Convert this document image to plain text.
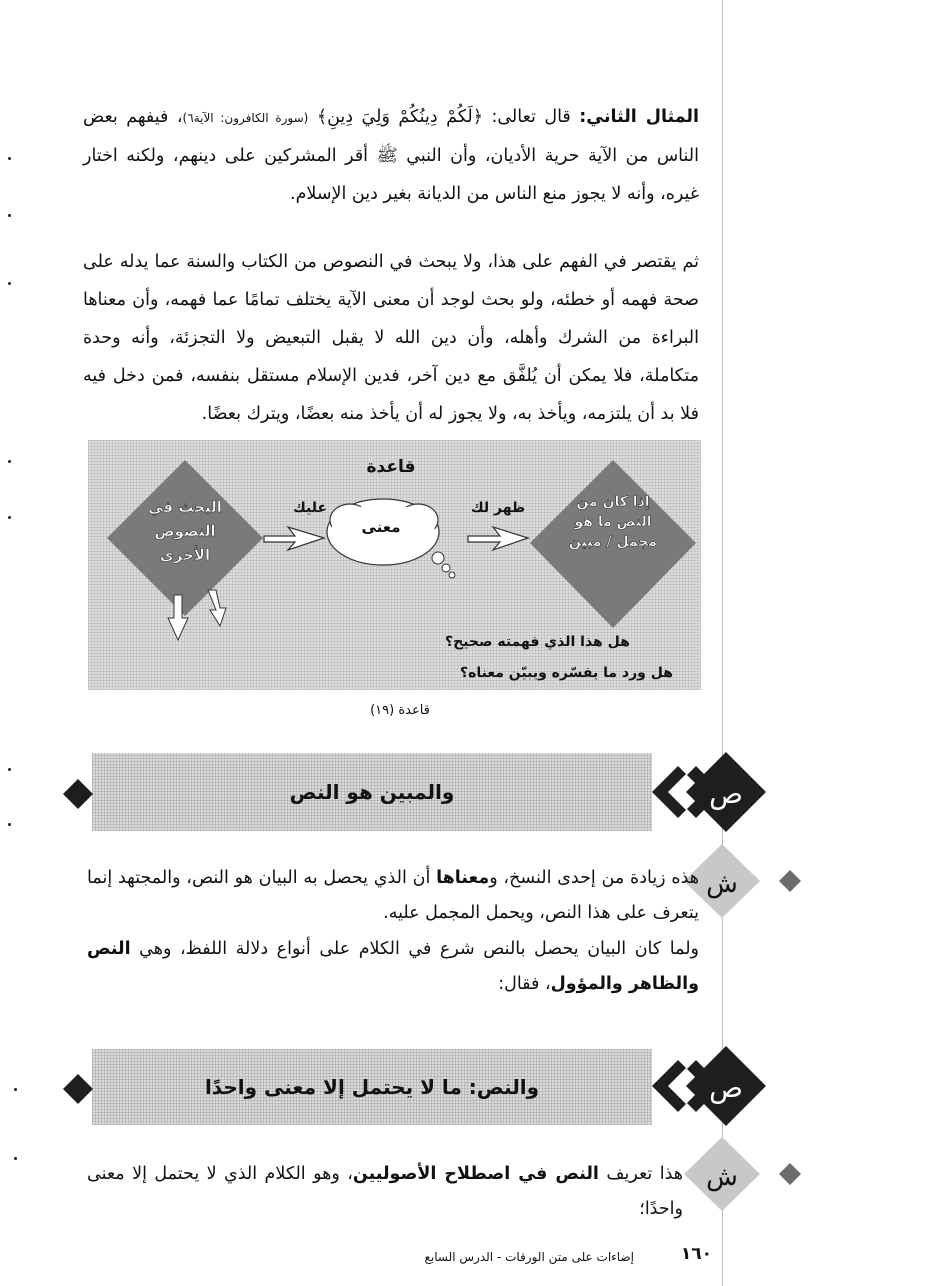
المثال الثاني: قال تعالى: ﴿لَكُمْ دِينُكُمْ وَلِيَ دِينِ﴾ (سورة الكافرون: الآية٦)، فيفهم بعض الناس من الآية حرية الأديان، وأن النبي ﷺ أقر المشركين على دينهم، ولكنه اختار غيره، وأنه لا يجوز منع الناس من الديانة بغير دين الإسلام.
ثم يقتصر في الفهم على هذا، ولا يبحث في النصوص من الكتاب والسنة عما يدله على صحة فهمه أو خطئه، ولو بحث لوجد أن معنى الآية يختلف تمامًا عما فهمه، وأن معناها البراءة من الشرك وأهله، وأن دين الله لا يقبل التبعيض ولا التجزئة، وأنه وحدة متكاملة، فلا يمكن أن يُلفَّق مع دين آخر، فدين الإسلام مستقل بنفسه، فمن دخل فيه فلا بد أن يلتزمه، ويأخذ به، ولا يجوز له أن يأخذ منه بعضًا، ويترك بعضًا.
إذا كان من
النص ما هو
مجمل / مبين
البحث في
النصوص
الأخرى
قاعدة
ظهر لك
معنى
عليك
هل هذا الذي فهمته صحيح؟
هل ورد ما يفسّره ويبيّن معناه؟
قاعدة (١٩)
والمبين هو النص	ص
ش
هذه زيادة من إحدى النسخ، ومعناها أن الذي يحصل به البيان هو النص، والمجتهد إنما يتعرف على هذا النص، ويحمل المجمل عليه.
ولما كان البيان يحصل بالنص شرع في الكلام على أنواع دلالة اللفظ، وهي النص والظاهر والمؤول، فقال:
والنص: ما لا يحتمل إلا معنى واحدًا	ص
ش
هذا تعريف النص في اصطلاح الأصوليين، وهو الكلام الذي لا يحتمل إلا معنى واحدًا؛
إضاءات على متن الورقات - الدرس السابع	١٦٠
